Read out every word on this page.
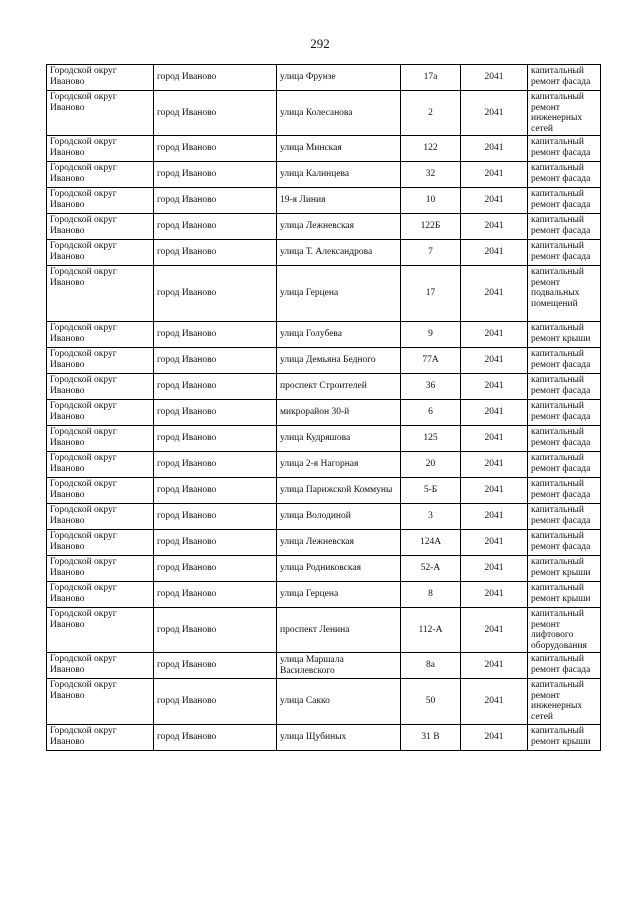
292
Городской округ Иваново	город Иваново	улица Фрунзе	17а	2041	капитальный ремонт фасада
Городской округ Иваново	город Иваново	улица Колесанова	2	2041	капитальный ремонт инженерных сетей
Городской округ Иваново	город Иваново	улица Минская	122	2041	капитальный ремонт фасада
Городской округ Иваново	город Иваново	улица Калинцева	32	2041	капитальный ремонт фасада
Городской округ Иваново	город Иваново	19-я Линия	10	2041	капитальный ремонт фасада
Городской округ Иваново	город Иваново	улица Лежневская	122Б	2041	капитальный ремонт фасада
Городской округ Иваново	город Иваново	улица Т. Александрова	7	2041	капитальный ремонт фасада
Городской округ Иваново	город Иваново	улица Герцена	17	2041	капитальный ремонт подвальных помещений
Городской округ Иваново	город Иваново	улица Голубева	9	2041	капитальный ремонт крыши
Городской округ Иваново	город Иваново	улица Демьяна Бедного	77А	2041	капитальный ремонт фасада
Городской округ Иваново	город Иваново	проспект Строителей	36	2041	капитальный ремонт фасада
Городской округ Иваново	город Иваново	микрорайон 30-й	6	2041	капитальный ремонт фасада
Городской округ Иваново	город Иваново	улица Кудряшова	125	2041	капитальный ремонт фасада
Городской округ Иваново	город Иваново	улица 2-я Нагорная	20	2041	капитальный ремонт фасада
Городской округ Иваново	город Иваново	улица Парижской Коммуны	5-Б	2041	капитальный ремонт фасада
Городской округ Иваново	город Иваново	улица Володиной	3	2041	капитальный ремонт фасада
Городской округ Иваново	город Иваново	улица Лежневская	124А	2041	капитальный ремонт фасада
Городской округ Иваново	город Иваново	улица Родниковская	52-А	2041	капитальный ремонт крыши
Городской округ Иваново	город Иваново	улица Герцена	8	2041	капитальный ремонт крыши
Городской округ Иваново	город Иваново	проспект Ленина	112-А	2041	капитальный ремонт лифтового оборудования
Городской округ Иваново	город Иваново	улица Маршала Василевского	8а	2041	капитальный ремонт фасада
Городской округ Иваново	город Иваново	улица Сакко	50	2041	капитальный ремонт инженерных сетей
Городской округ Иваново	город Иваново	улица Щубиных	31 В	2041	капитальный ремонт крыши
